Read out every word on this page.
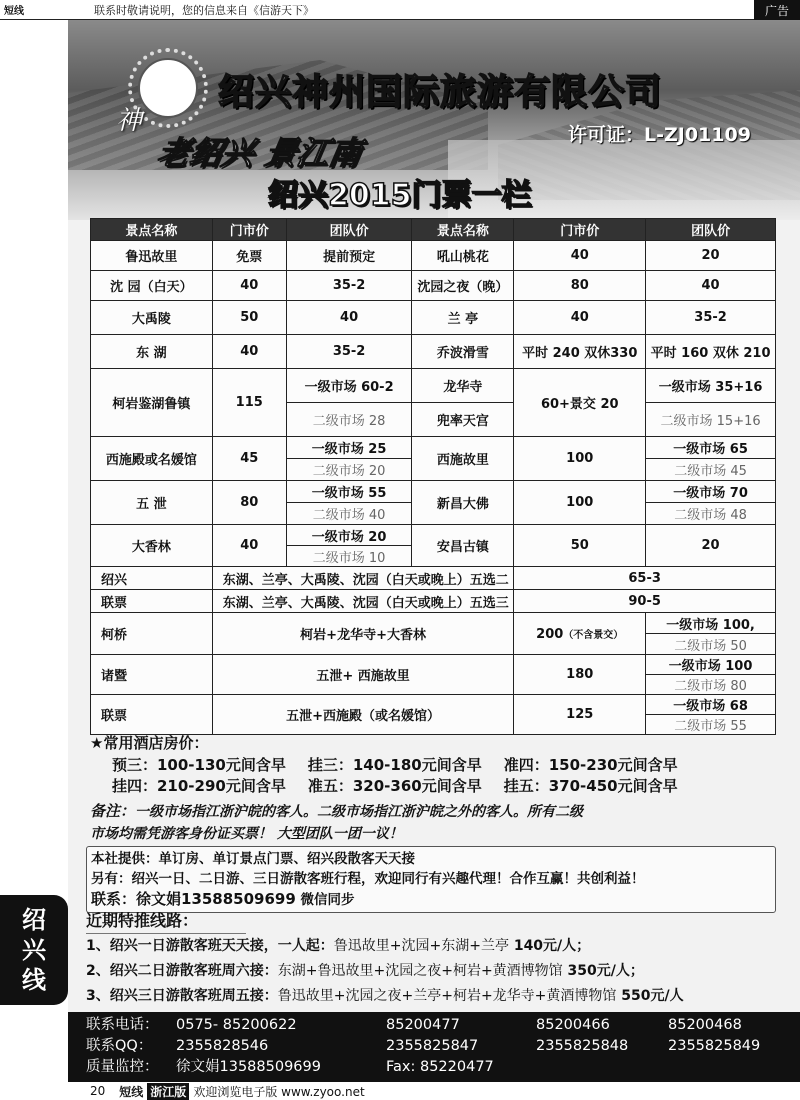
短线	联系时敬请说明，您的信息来自《信游天下》	广告
神
绍兴神州国际旅游有限公司
老绍兴 景江南	许可证：L-ZJ01109
绍兴2015门票一栏
景点名称	门市价	团队价	景点名称	门市价	团队价
鲁迅故里	免票	提前预定	吼山桃花	40	20
沈 园（白天）	40	35-2	沈园之夜（晚）	80	40
大禹陵	50	40	兰 亭	40	35-2
东 湖	40	35-2	乔波滑雪	平时 240 双休330	平时 160 双休 210
柯岩鉴湖鲁镇	115	一级市场 60-2	龙华寺	60+景交 20	一级市场 35+16
		二级市场 28	兜率天宫		二级市场 15+16
西施殿或名媛馆	45	一级市场 25	西施故里	100	一级市场 65
		二级市场 20			二级市场 45
五 泄	80	一级市场 55	新昌大佛	100	一级市场 70
		二级市场 40			二级市场 48
大香林	40	一级市场 20	安昌古镇	50	20
		二级市场 10			
绍兴	东湖、兰亭、大禹陵、沈园（白天或晚上）五选二			65-3	
联票	东湖、兰亭、大禹陵、沈园（白天或晚上）五选三			90-5	
柯桥	柯岩+龙华寺+大香林			200（不含景交）	一级市场 100,
					二级市场 50
诸暨	五泄+ 西施故里			180	一级市场 100
					二级市场 80
联票	五泄+西施殿（或名媛馆）			125	一级市场 68
					二级市场 55
★常用酒店房价：
预三：100-130元间含早 挂三：140-180元间含早 准四：150-230元间含早
挂四：210-290元间含早 准五：320-360元间含早 挂五：370-450元间含早
备注：一级市场指江浙沪皖的客人。二级市场指江浙沪皖之外的客人。所有二级
市场均需凭游客身份证买票！ 大型团队一团一议！
本社提供：单订房、单订景点门票、绍兴段散客天天接
另有：绍兴一日、二日游、三日游散客班行程，欢迎同行有兴趣代理！合作互赢！共创利益！
联系：徐文娟13588509699 微信同步
近期特推线路：
1、绍兴一日游散客班天天接，一人起：鲁迅故里+沈园+东湖+兰亭 140元/人；
2、绍兴二日游散客班周六接：东湖+鲁迅故里+沈园之夜+柯岩+黄酒博物馆 350元/人；
3、绍兴三日游散客班周五接：鲁迅故里+沈园之夜+兰亭+柯岩+龙华寺+黄酒博物馆 550元/人
联系电话：	0575- 85200622	85200477	85200466	85200468
联系QQ：	2355828546	2355825847	2355825848	2355825849
质量监控：	徐文娟13588509699	Fax: 85220477
绍
兴
线
20 短线 浙江版 欢迎浏览电子版 www.zyoo.net
